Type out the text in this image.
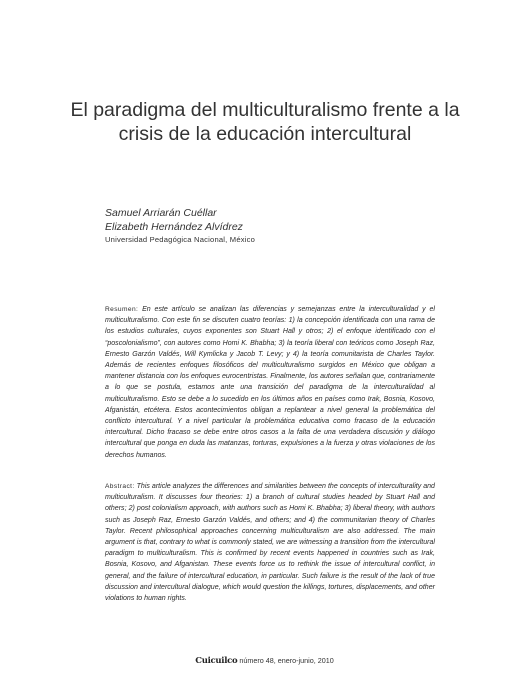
El paradigma del multiculturalismo frente a la crisis de la educación intercultural
Samuel Arriarán Cuéllar
Elizabeth Hernández Alvídrez
Universidad Pedagógica Nacional, México

Resumen: En este artículo se analizan las diferencias y semejanzas entre la interculturalidad y el multiculturalismo. Con este fin se discuten cuatro teorías: 1) la concepción identificada con una rama de los estudios culturales, cuyos exponentes son Stuart Hall y otros; 2) el enfoque identificado con el “poscolonialismo”, con autores como Homi K. Bhabha; 3) la teoría liberal con teóricos como Joseph Raz, Ernesto Garzón Valdés, Will Kymlicka y Jacob T. Levy; y 4) la teoría comunitarista de Charles Taylor. Además de recientes enfoques filosóficos del multiculturalismo surgidos en México que obligan a mantener distancia con los enfoques eurocentristas. Finalmente, los autores señalan que, contrariamente a lo que se postula, estamos ante una transición del paradigma de la interculturalidad al multiculturalismo. Esto se debe a lo sucedido en los últimos años en países como Irak, Bosnia, Kosovo, Afganistán, etcétera. Estos acontecimientos obligan a replantear a nivel general la problemática del conflicto intercultural. Y a nivel particular la problemática educativa como fracaso de la educación intercultural. Dicho fracaso se debe entre otros casos a la falta de una verdadera discusión y diálogo intercultural que ponga en duda las matanzas, torturas, expulsiones a la fuerza y otras violaciones de los derechos humanos.

Abstract: This article analyzes the differences and similarities between the concepts of interculturality and multiculturalism. It discusses four theories: 1) a branch of cultural studies headed by Stuart Hall and others; 2) post colonialism approach, with authors such as Homi K. Bhabha; 3) liberal theory, with authors such as Joseph Raz, Ernesto Garzón Valdés, and others; and 4) the communitarian theory of Charles Taylor. Recent philosophical approaches concerning multiculturalism are also addressed. The main argument is that, contrary to what is commonly stated, we are witnessing a transition from the intercultural paradigm to multiculturalism. This is confirmed by recent events happened in countries such as Irak, Bosnia, Kosovo, and Afganistan. These events force us to rethink the issue of intercultural conflict, in general, and the failure of intercultural education, in particular. Such failure is the result of the lack of true discussion and intercultural dialogue, which would question the killings, tortures, displacements, and other violations to human rights.

Cuicuilco número 48, enero-junio, 2010
